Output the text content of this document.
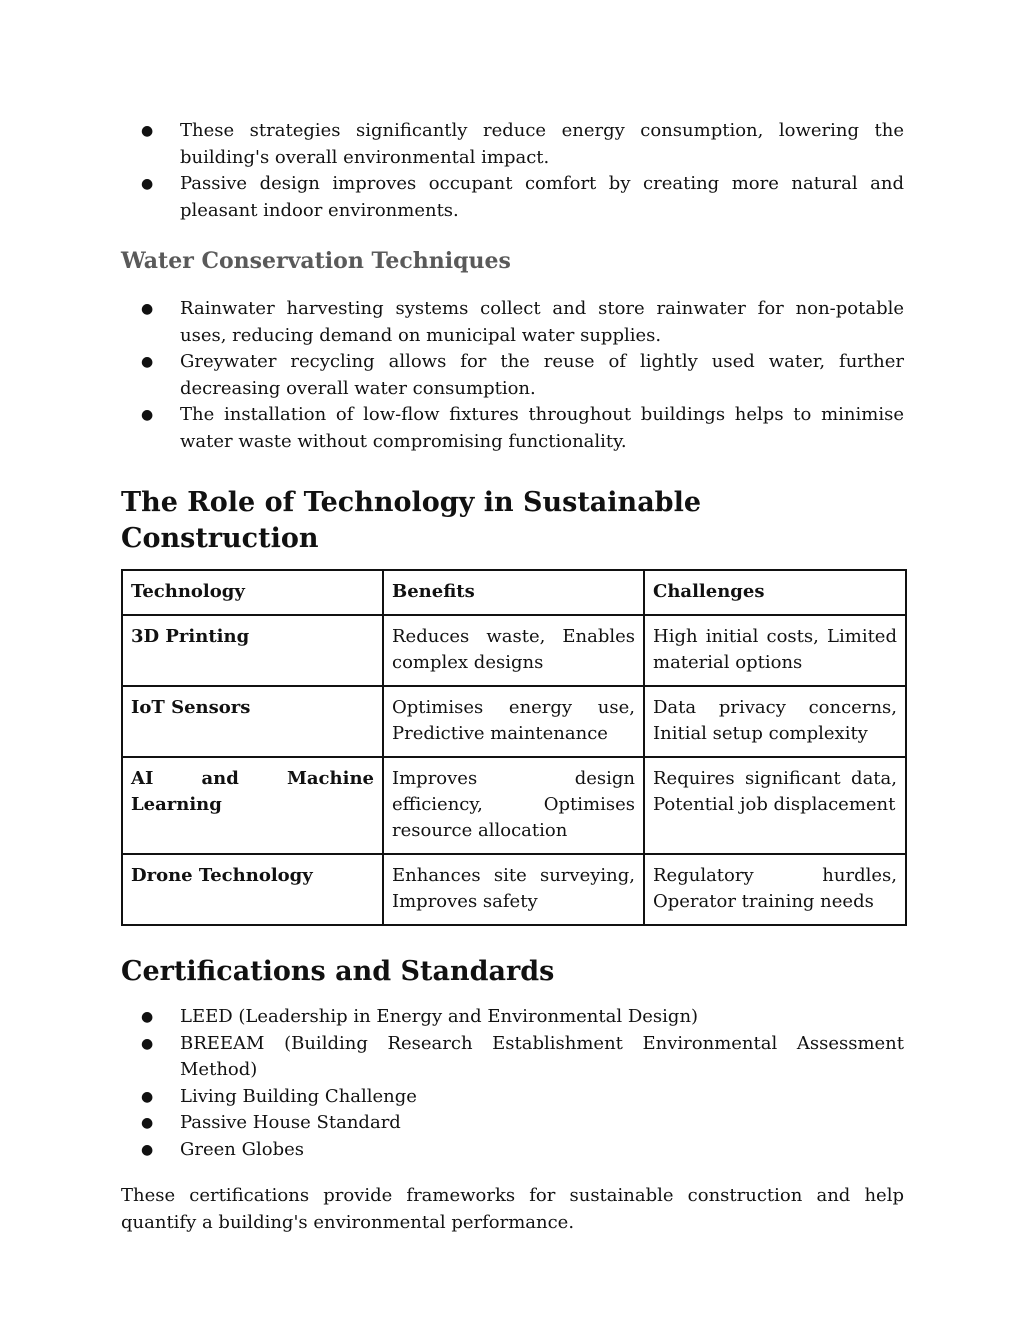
● These strategies significantly reduce energy consumption, lowering the building's overall environmental impact.
● Passive design improves occupant comfort by creating more natural and pleasant indoor environments.
Water Conservation Techniques
● Rainwater harvesting systems collect and store rainwater for non-potable uses, reducing demand on municipal water supplies.
● Greywater recycling allows for the reuse of lightly used water, further decreasing overall water consumption.
● The installation of low-flow fixtures throughout buildings helps to minimise water waste without compromising functionality.
The Role of Technology in Sustainable Construction
Technology	Benefits	Challenges
3D Printing	Reduces waste, Enables complex designs	High initial costs, Limited material options
IoT Sensors	Optimises energy use, Predictive maintenance	Data privacy concerns, Initial setup complexity
AI and Machine Learning	Improves design efficiency, Optimises resource allocation	Requires significant data, Potential job displacement
Drone Technology	Enhances site surveying, Improves safety	Regulatory hurdles, Operator training needs
Certifications and Standards
● LEED (Leadership in Energy and Environmental Design)
● BREEAM (Building Research Establishment Environmental Assessment Method)
● Living Building Challenge
● Passive House Standard
● Green Globes

These certifications provide frameworks for sustainable construction and help quantify a building's environmental performance.
